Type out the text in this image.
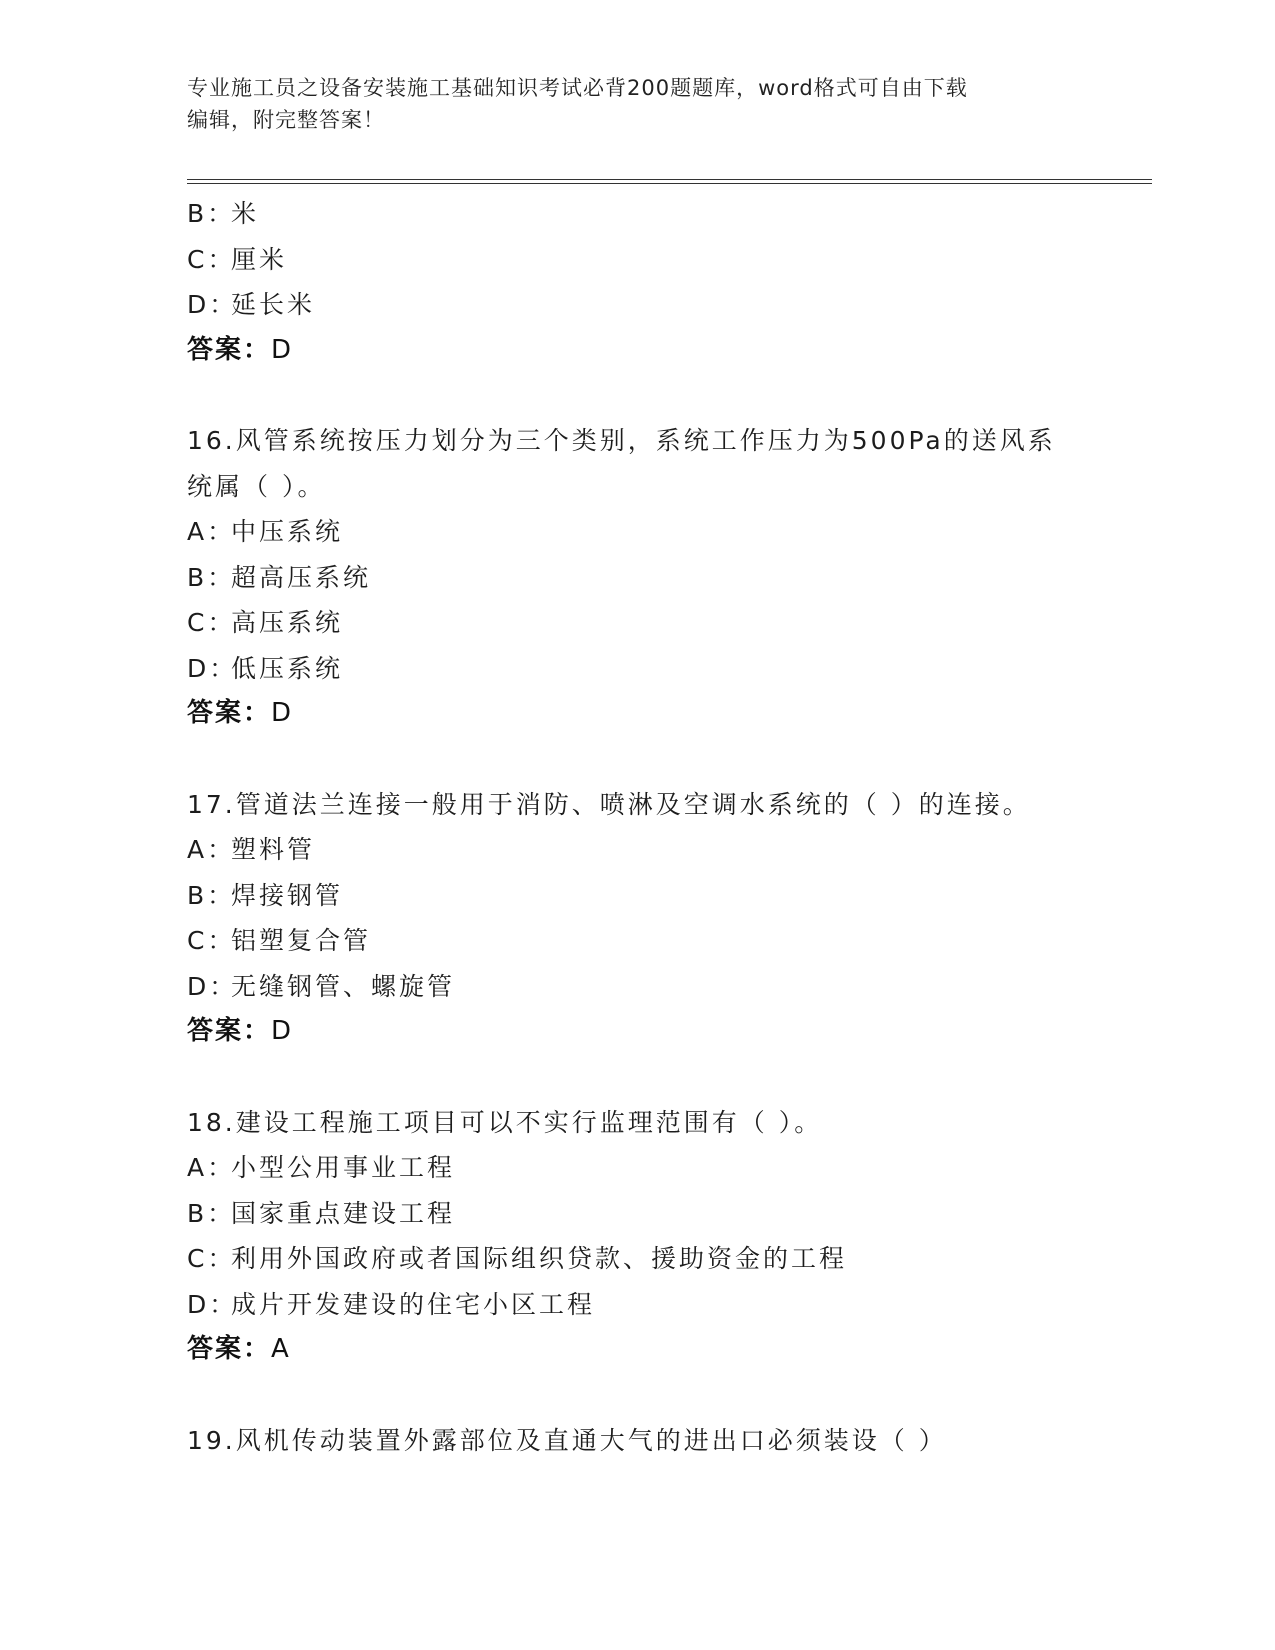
专业施工员之设备安装施工基础知识考试必背200题题库，word格式可自由下载
编辑，附完整答案！
B：米
C：厘米
D：延长米
答案：D
16.风管系统按压力划分为三个类别，系统工作压力为500Pa的送风系
统属（ ）。
A：中压系统
B：超高压系统
C：高压系统
D：低压系统
答案：D
17.管道法兰连接一般用于消防、喷淋及空调水系统的（ ）的连接。
A：塑料管
B：焊接钢管
C：铝塑复合管
D：无缝钢管、螺旋管
答案：D
18.建设工程施工项目可以不实行监理范围有（ ）。
A：小型公用事业工程
B：国家重点建设工程
C：利用外国政府或者国际组织贷款、援助资金的工程
D：成片开发建设的住宅小区工程
答案：A
19.风机传动装置外露部位及直通大气的进出口必须装设（ ）
